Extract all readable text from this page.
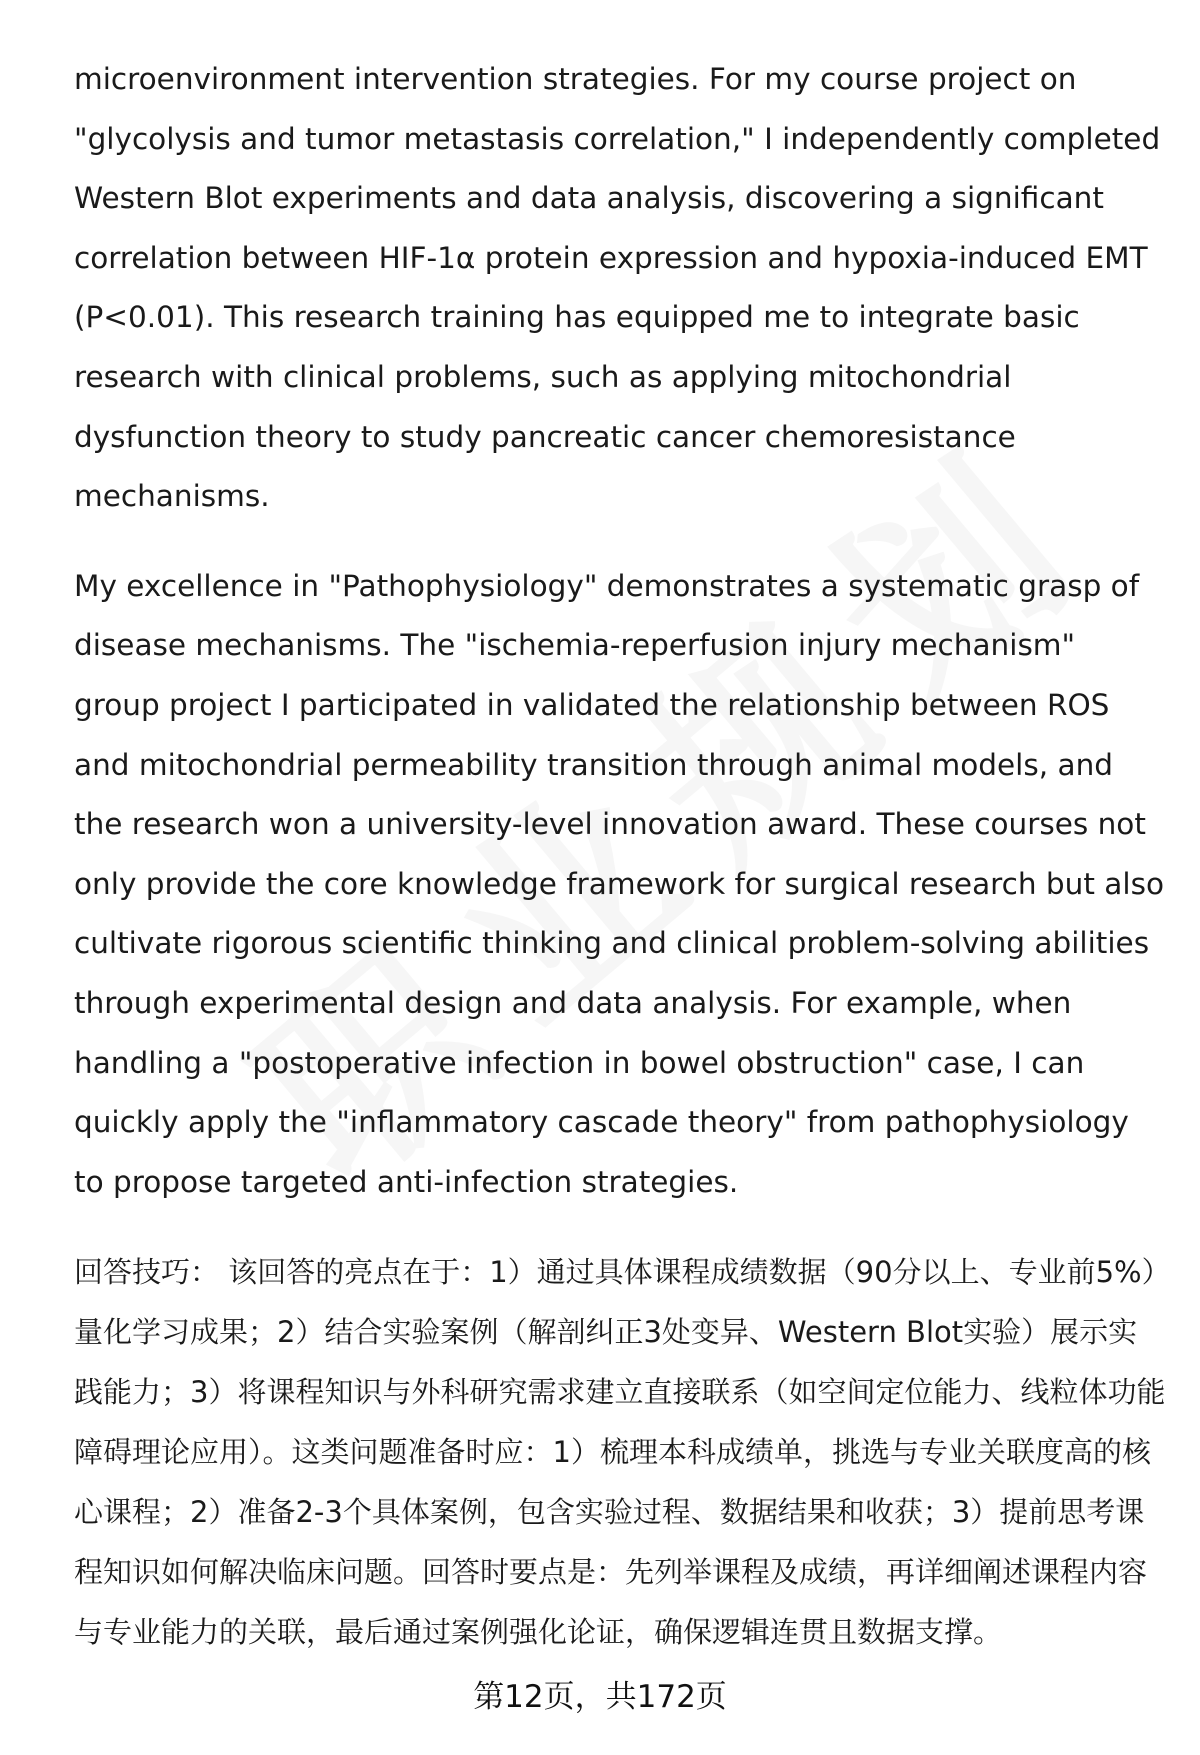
microenvironment intervention strategies. For my course project on "glycolysis and tumor metastasis correlation," I independently completed Western Blot experiments and data analysis, discovering a significant correlation between HIF-1α protein expression and hypoxia-induced EMT (P<0.01). This research training has equipped me to integrate basic research with clinical problems, such as applying mitochondrial dysfunction theory to study pancreatic cancer chemoresistance mechanisms.

My excellence in "Pathophysiology" demonstrates a systematic grasp of disease mechanisms. The "ischemia-reperfusion injury mechanism" group project I participated in validated the relationship between ROS and mitochondrial permeability transition through animal models, and the research won a university-level innovation award. These courses not only provide the core knowledge framework for surgical research but also cultivate rigorous scientific thinking and clinical problem-solving abilities through experimental design and data analysis. For example, when handling a "postoperative infection in bowel obstruction" case, I can quickly apply the "inflammatory cascade theory" from pathophysiology to propose targeted anti-infection strategies.

回答技巧： 该回答的亮点在于：1）通过具体课程成绩数据（90分以上、专业前5%）量化学习成果；2）结合实验案例（解剖纠正3处变异、Western Blot实验）展示实践能力；3）将课程知识与外科研究需求建立直接联系（如空间定位能力、线粒体功能障碍理论应用）。这类问题准备时应：1）梳理本科成绩单，挑选与专业关联度高的核心课程；2）准备2-3个具体案例，包含实验过程、数据结果和收获；3）提前思考课程知识如何解决临床问题。回答时要点是：先列举课程及成绩，再详细阐述课程内容与专业能力的关联，最后通过案例强化论证，确保逻辑连贯且数据支撑。

第12页，共172页
